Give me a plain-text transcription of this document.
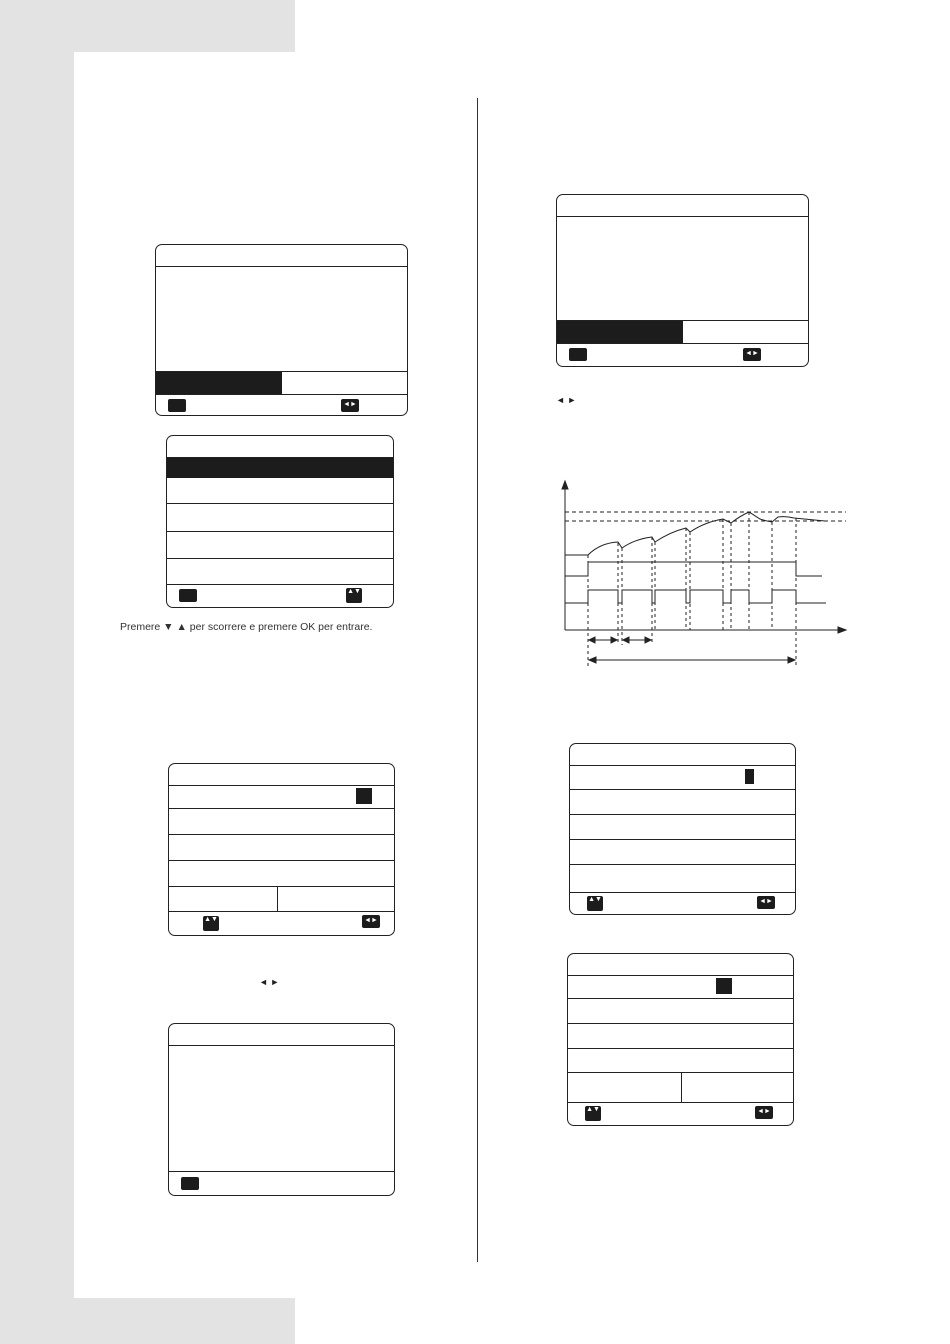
◄►
▲▼
Premere ▼ ▲ per scorrere e premere OK per entrare.
▲▼	◄►
◄ ►
◄►
◄ ►
▲▼	◄►
▲▼	◄►
